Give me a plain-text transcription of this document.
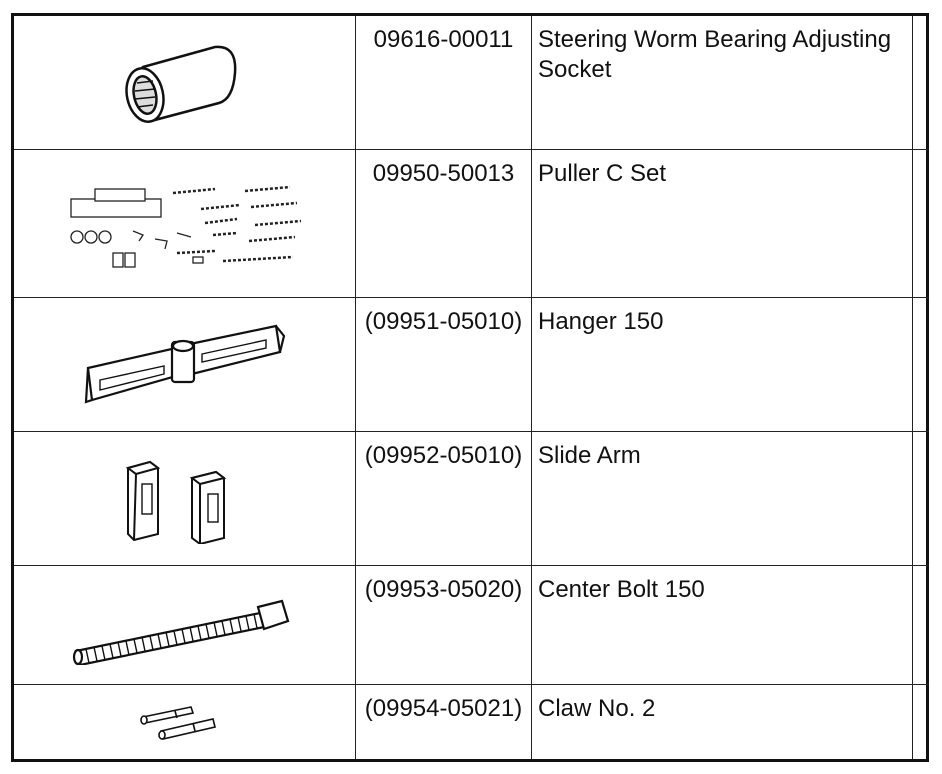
09616-00011	Steering Worm Bearing Adjusting Socket	

09950-50013	Puller C Set	

(09951-05010)	Hanger 150	

(09952-05010)	Slide Arm	

(09953-05020)	Center Bolt 150	

(09954-05021)	Claw No. 2	
